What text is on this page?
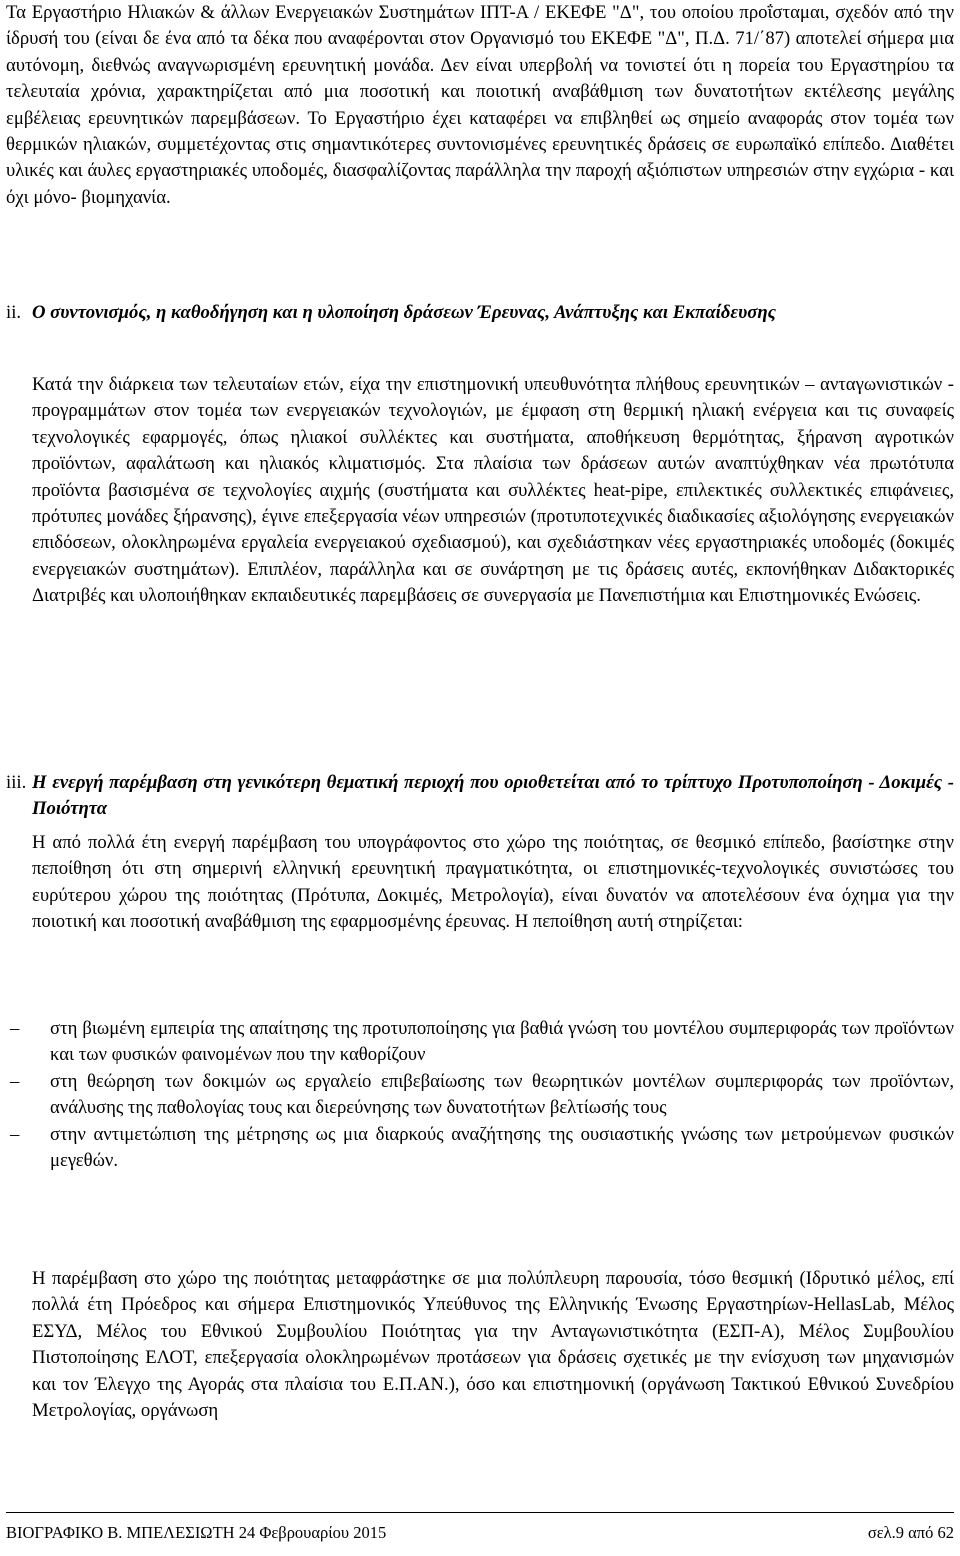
Τα Εργαστήριο Ηλιακών & άλλων Ενεργειακών Συστημάτων ΙΠΤ-Α / ΕΚΕΦΕ "Δ", του οποίου προΐσταμαι, σχεδόν από την ίδρυσή του (είναι δε ένα από τα δέκα που αναφέρονται στον Οργανισμό του ΕΚΕΦΕ "Δ", Π.Δ. 71/΄87) αποτελεί σήμερα μια αυτόνομη, διεθνώς αναγνωρισμένη ερευνητική μονάδα. Δεν είναι υπερβολή να τονιστεί ότι η πορεία του Εργαστηρίου τα τελευταία χρόνια, χαρακτηρίζεται από μια ποσοτική και ποιοτική αναβάθμιση των δυνατοτήτων εκτέλεσης μεγάλης εμβέλειας ερευνητικών παρεμβάσεων. Το Εργαστήριο έχει καταφέρει να επιβληθεί ως σημείο αναφοράς στον τομέα των θερμικών ηλιακών, συμμετέχοντας στις σημαντικότερες συντονισμένες ερευνητικές δράσεις σε ευρωπαϊκό επίπεδο. Διαθέτει υλικές και άυλες εργαστηριακές υποδομές, διασφαλίζοντας παράλληλα την παροχή αξιόπιστων υπηρεσιών στην εγχώρια - και όχι μόνο- βιομηχανία.

ii. Ο συντονισμός, η καθοδήγηση και η υλοποίηση δράσεων Έρευνας, Ανάπτυξης και Εκπαίδευσης

Κατά την διάρκεια των τελευταίων ετών, είχα την επιστημονική υπευθυνότητα πλήθους ερευνητικών – ανταγωνιστικών - προγραμμάτων στον τομέα των ενεργειακών τεχνολογιών, με έμφαση στη θερμική ηλιακή ενέργεια και τις συναφείς τεχνολογικές εφαρμογές, όπως ηλιακοί συλλέκτες και συστήματα, αποθήκευση θερμότητας, ξήρανση αγροτικών προϊόντων, αφαλάτωση και ηλιακός κλιματισμός. Στα πλαίσια των δράσεων αυτών αναπτύχθηκαν νέα πρωτότυπα προϊόντα βασισμένα σε τεχνολογίες αιχμής (συστήματα και συλλέκτες heat-pipe, επιλεκτικές συλλεκτικές επιφάνειες, πρότυπες μονάδες ξήρανσης), έγινε επεξεργασία νέων υπηρεσιών (προτυποτεχνικές διαδικασίες αξιολόγησης ενεργειακών επιδόσεων, ολοκληρωμένα εργαλεία ενεργειακού σχεδιασμού), και σχεδιάστηκαν νέες εργαστηριακές υποδομές (δοκιμές ενεργειακών συστημάτων). Επιπλέον, παράλληλα και σε συνάρτηση με τις δράσεις αυτές, εκπονήθηκαν Διδακτορικές Διατριβές και υλοποιήθηκαν εκπαιδευτικές παρεμβάσεις σε συνεργασία με Πανεπιστήμια και Επιστημονικές Ενώσεις.

iii. Η ενεργή παρέμβαση στη γενικότερη θεματική περιοχή που οριοθετείται από το τρίπτυχο Προτυποποίηση - Δοκιμές - Ποιότητα

Η από πολλά έτη ενεργή παρέμβαση του υπογράφοντος στο χώρο της ποιότητας, σε θεσμικό επίπεδο, βασίστηκε στην πεποίθηση ότι στη σημερινή ελληνική ερευνητική πραγματικότητα, οι επιστημονικές-τεχνολογικές συνιστώσες του ευρύτερου χώρου της ποιότητας (Πρότυπα, Δοκιμές, Μετρολογία), είναι δυνατόν να αποτελέσουν ένα όχημα για την ποιοτική και ποσοτική αναβάθμιση της εφαρμοσμένης έρευνας. Η πεποίθηση αυτή στηρίζεται:

–	στη βιωμένη εμπειρία της απαίτησης της προτυποποίησης για βαθιά γνώση του μοντέλου συμπεριφοράς των προϊόντων και των φυσικών φαινομένων που την καθορίζουν
–	στη θεώρηση των δοκιμών ως εργαλείο επιβεβαίωσης των θεωρητικών μοντέλων συμπεριφοράς των προϊόντων, ανάλυσης της παθολογίας τους και διερεύνησης των δυνατοτήτων βελτίωσής τους
–	στην αντιμετώπιση της μέτρησης ως μια διαρκούς αναζήτησης της ουσιαστικής γνώσης των μετρούμενων φυσικών μεγεθών.

Η παρέμβαση στο χώρο της ποιότητας μεταφράστηκε σε μια πολύπλευρη παρουσία, τόσο θεσμική (Ιδρυτικό μέλος, επί πολλά έτη Πρόεδρος και σήμερα Επιστημονικός Υπεύθυνος της Ελληνικής Ένωσης Εργαστηρίων-HellasLab, Μέλος ΕΣΥΔ, Μέλος του Εθνικού Συμβουλίου Ποιότητας για την Ανταγωνιστικότητα (ΕΣΠ-Α), Μέλος Συμβουλίου Πιστοποίησης ΕΛΟΤ, επεξεργασία ολοκληρωμένων προτάσεων για δράσεις σχετικές με την ενίσχυση των μηχανισμών και τον Έλεγχο της Αγοράς στα πλαίσια του Ε.Π.ΑΝ.), όσο και επιστημονική (οργάνωση Τακτικού Εθνικού Συνεδρίου Μετρολογίας, οργάνωση

ΒΙΟΓΡΑΦΙΚΟ Β. ΜΠΕΛΕΣΙΩΤΗ 24 Φεβρουαρίου 2015	σελ.9 από 62
